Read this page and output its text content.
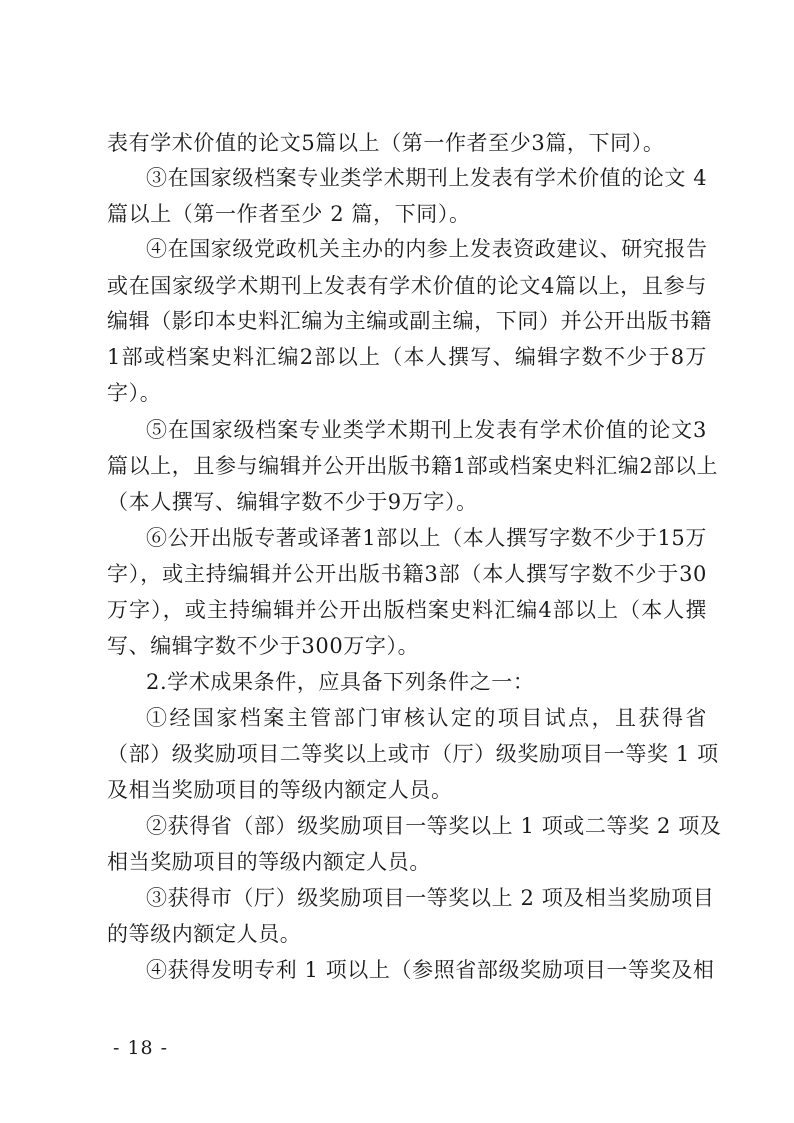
表有学术价值的论文5篇以上（第一作者至少3篇，下同）。
③在国家级档案专业类学术期刊上发表有学术价值的论文 4
篇以上（第一作者至少 2 篇，下同）。
④在国家级党政机关主办的内参上发表资政建议、研究报告
或在国家级学术期刊上发表有学术价值的论文4篇以上，且参与
编辑（影印本史料汇编为主编或副主编，下同）并公开出版书籍
1部或档案史料汇编2部以上（本人撰写、编辑字数不少于8万
字）。
⑤在国家级档案专业类学术期刊上发表有学术价值的论文3
篇以上，且参与编辑并公开出版书籍1部或档案史料汇编2部以上
（本人撰写、编辑字数不少于9万字）。
⑥公开出版专著或译著1部以上（本人撰写字数不少于15万
字），或主持编辑并公开出版书籍3部（本人撰写字数不少于30
万字），或主持编辑并公开出版档案史料汇编4部以上（本人撰
写、编辑字数不少于300万字）。
2.学术成果条件，应具备下列条件之一：
①经国家档案主管部门审核认定的项目试点，且获得省
（部）级奖励项目二等奖以上或市（厅）级奖励项目一等奖 1 项
及相当奖励项目的等级内额定人员。
②获得省（部）级奖励项目一等奖以上 1 项或二等奖 2 项及
相当奖励项目的等级内额定人员。
③获得市（厅）级奖励项目一等奖以上 2 项及相当奖励项目
的等级内额定人员。
④获得发明专利 1 项以上（参照省部级奖励项目一等奖及相
- 18 -
